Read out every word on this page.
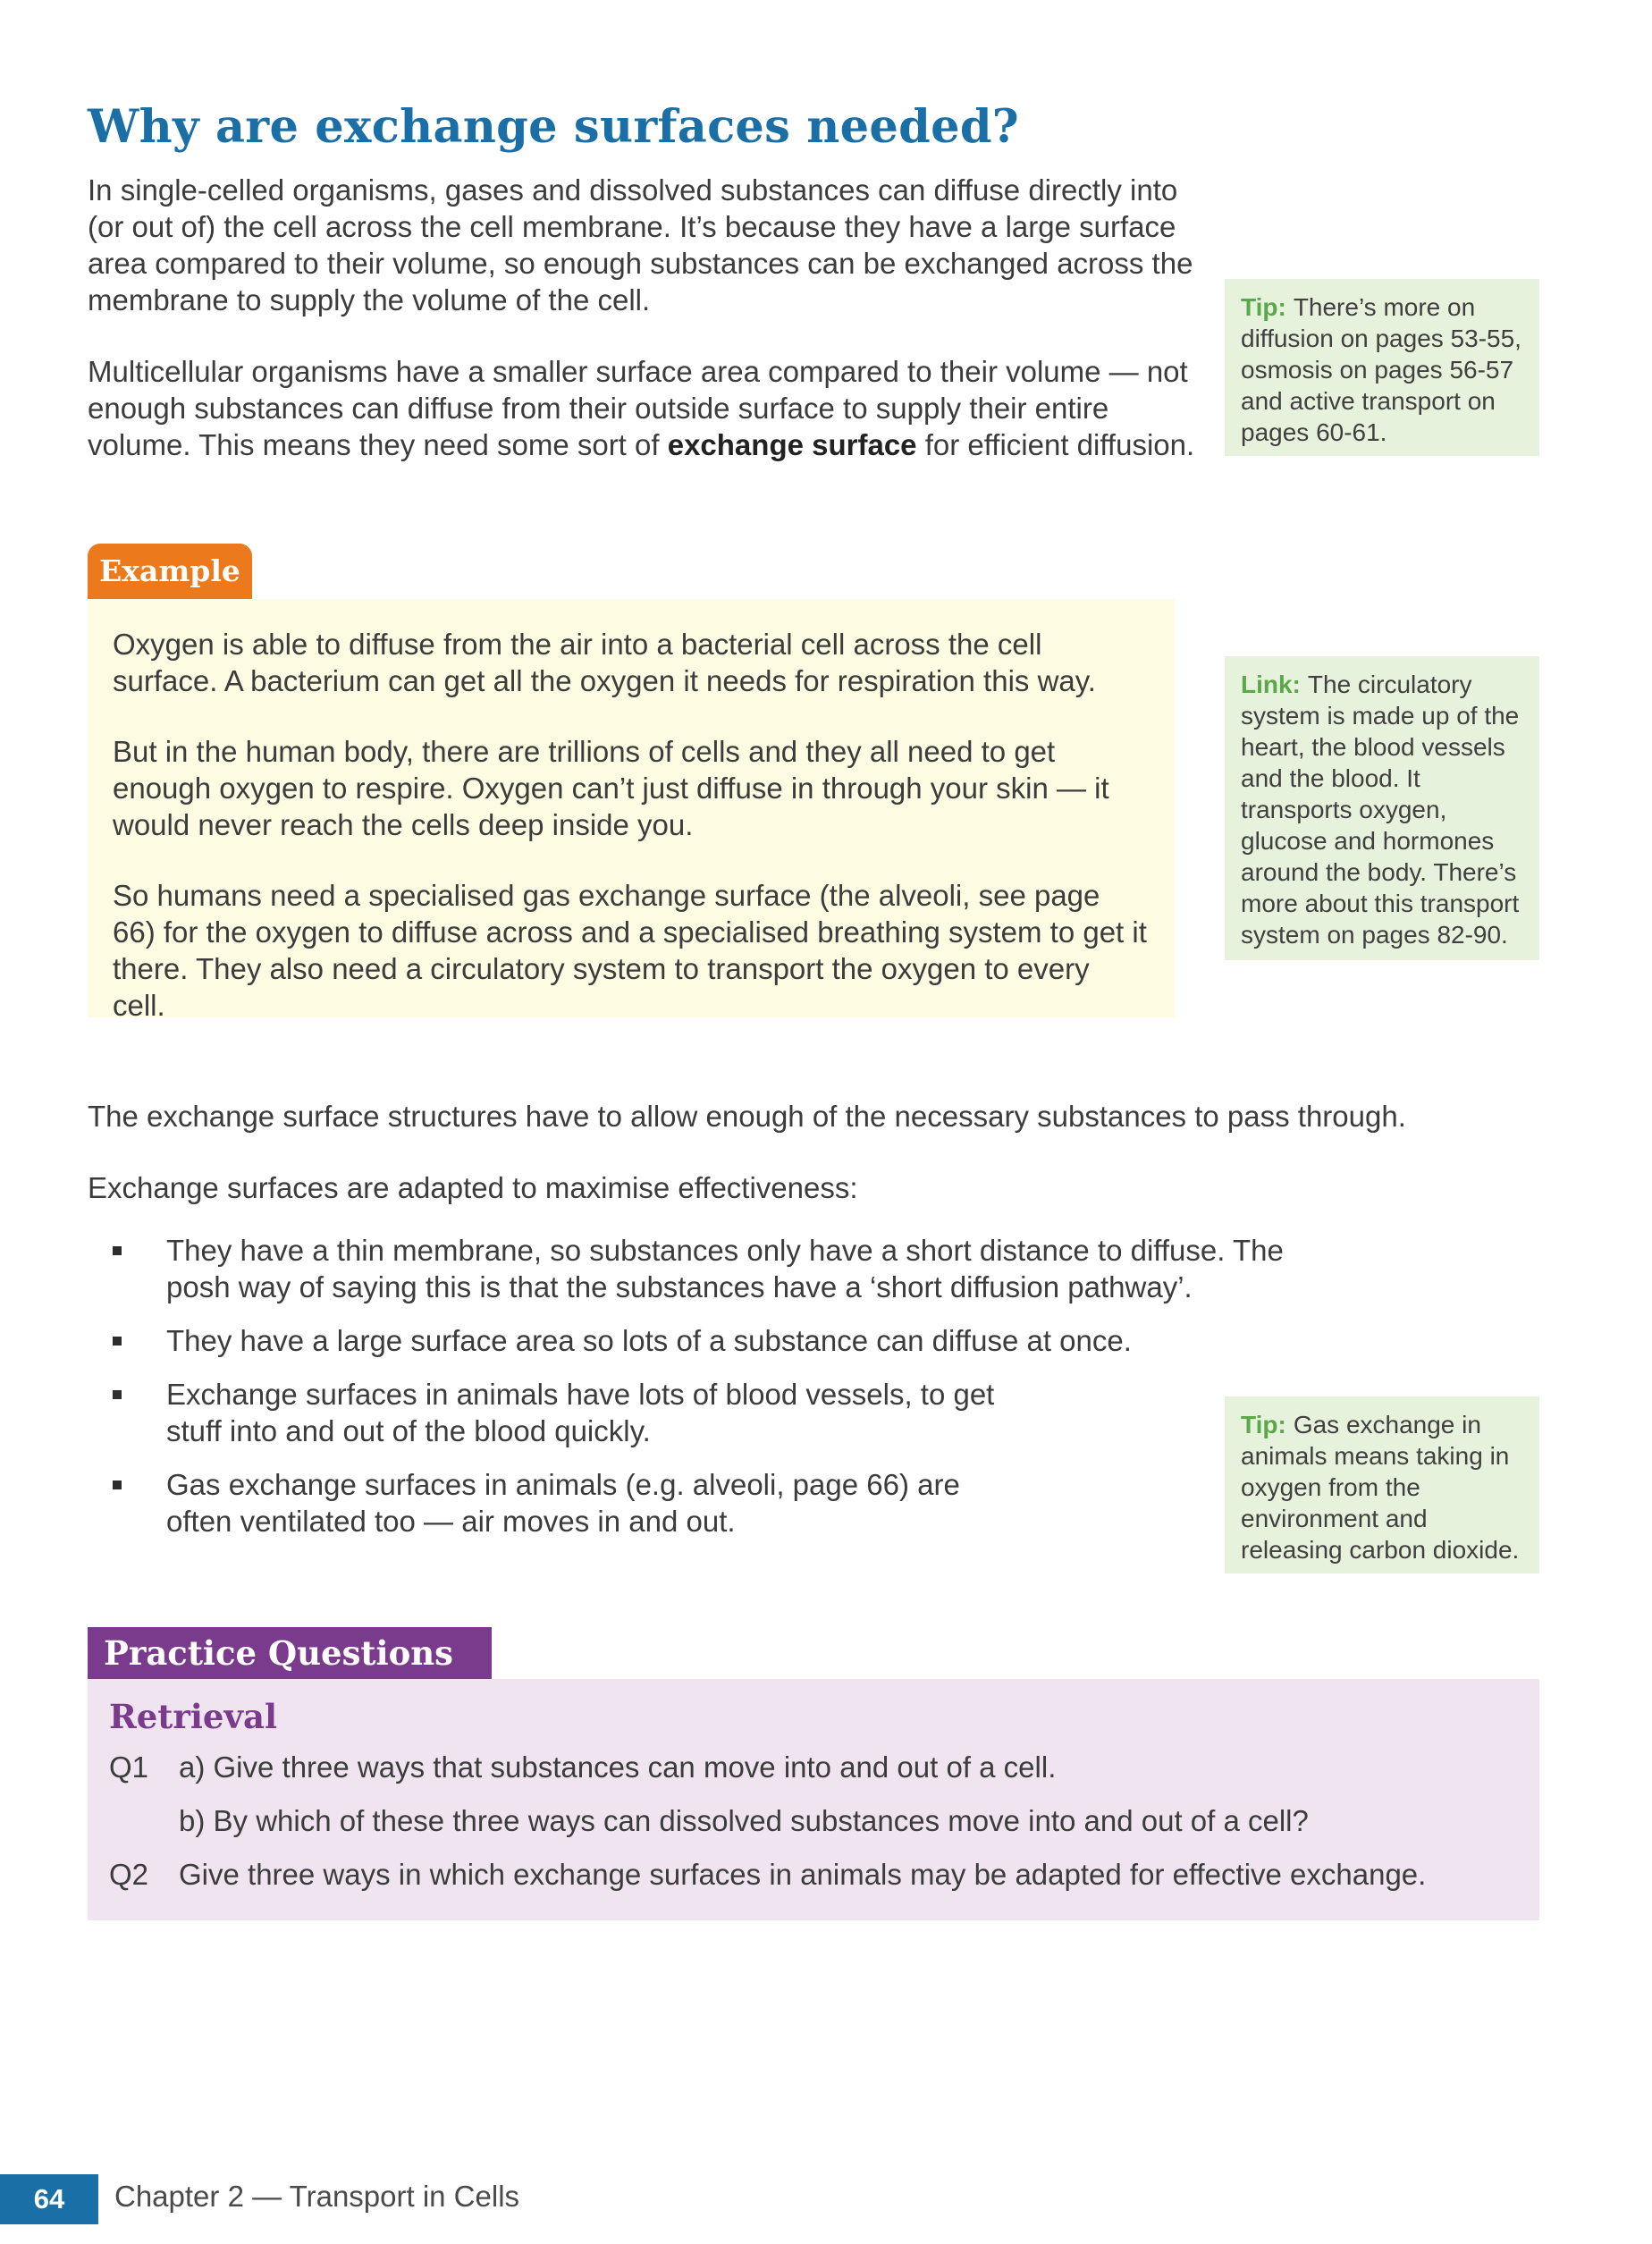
Why are exchange surfaces needed?

In single-celled organisms, gases and dissolved substances can diffuse directly into (or out of) the cell across the cell membrane. It’s because they have a large surface area compared to their volume, so enough substances can be exchanged across the membrane to supply the volume of the cell.

Multicellular organisms have a smaller surface area compared to their volume — not enough substances can diffuse from their outside surface to supply their entire volume. This means they need some sort of exchange surface for efficient diffusion.

Tip: There’s more on diffusion on pages 53-55, osmosis on pages 56-57 and active transport on pages 60-61.
Example

Oxygen is able to diffuse from the air into a bacterial cell across the cell surface. A bacterium can get all the oxygen it needs for respiration this way.

But in the human body, there are trillions of cells and they all need to get enough oxygen to respire. Oxygen can’t just diffuse in through your skin — it would never reach the cells deep inside you.

So humans need a specialised gas exchange surface (the alveoli, see page 66) for the oxygen to diffuse across and a specialised breathing system to get it there. They also need a circulatory system to transport the oxygen to every cell.

Link: The circulatory system is made up of the heart, the blood vessels and the blood. It transports oxygen, glucose and hormones around the body. There’s more about this transport system on pages 82-90.

The exchange surface structures have to allow enough of the necessary substances to pass through.

Exchange surfaces are adapted to maximise effectiveness:

They have a thin membrane, so substances only have a short distance to diffuse. The posh way of saying this is that the substances have a ‘short diffusion pathway’.
They have a large surface area so lots of a substance can diffuse at once.
Exchange surfaces in animals have lots of blood vessels, to get stuff into and out of the blood quickly.
Gas exchange surfaces in animals (e.g. alveoli, page 66) are often ventilated too — air moves in and out.
Tip: Gas exchange in animals means taking in oxygen from the environment and releasing carbon dioxide.
Practice Questions
Retrieval
Q1 a) Give three ways that substances can move into and out of a cell.
b) By which of these three ways can dissolved substances move into and out of a cell?
Q2 Give three ways in which exchange surfaces in animals may be adapted for effective exchange.
64	Chapter 2 — Transport in Cells
